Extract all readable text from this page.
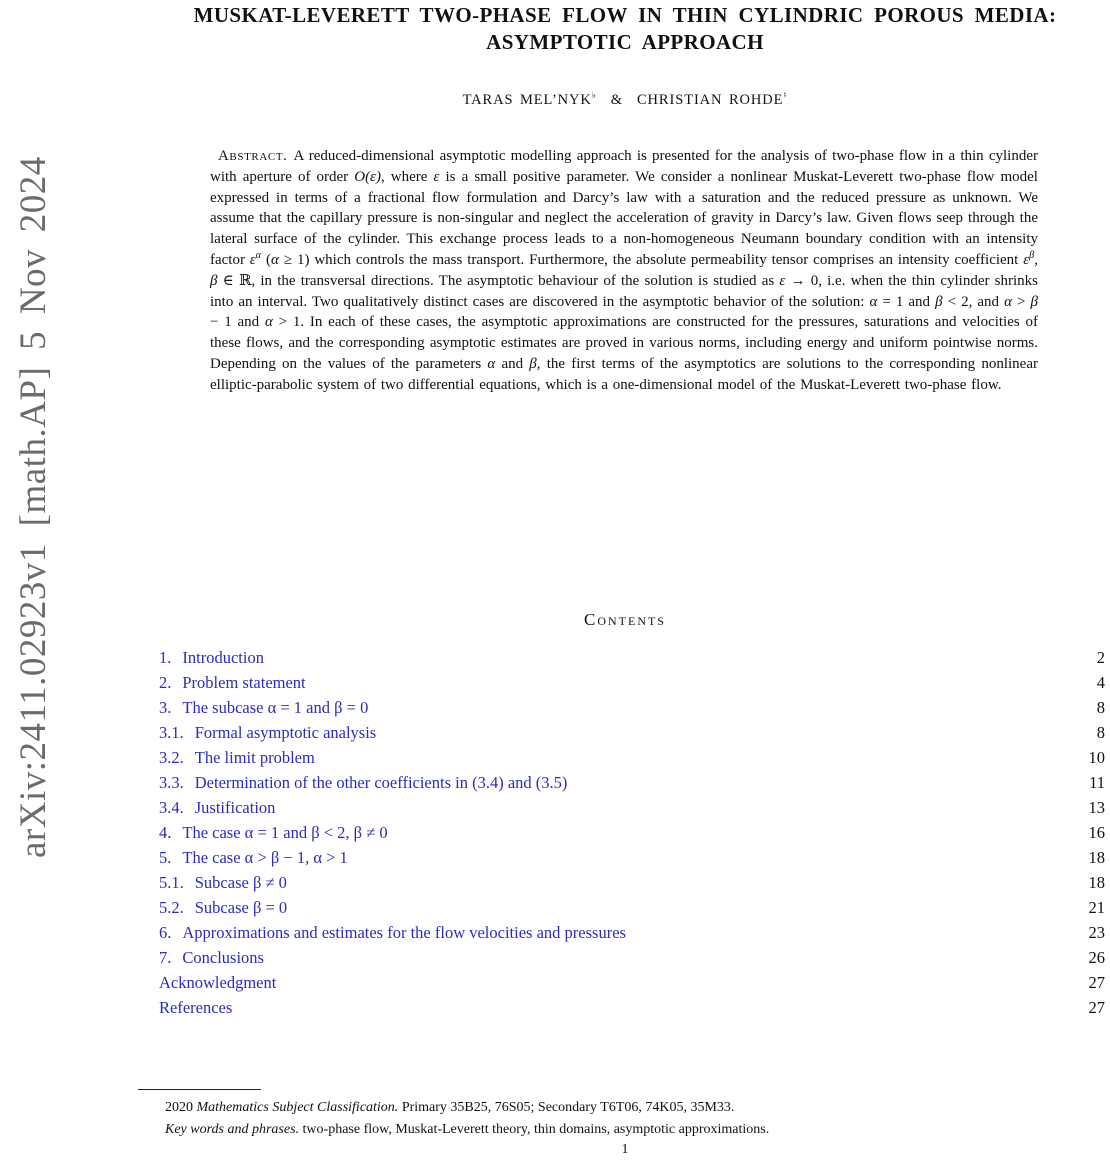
arXiv:2411.02923v1 [math.AP] 5 Nov 2024
MUSKAT-LEVERETT TWO-PHASE FLOW IN THIN CYLINDRIC POROUS MEDIA:
ASYMPTOTIC APPROACH
TARAS MEL’NYK♭ & CHRISTIAN ROHDE♮
Abstract. A reduced-dimensional asymptotic modelling approach is presented for the analysis of two-phase flow in a thin cylinder with aperture of order O(ε), where ε is a small positive parameter. We consider a nonlinear Muskat-Leverett two-phase flow model expressed in terms of a fractional flow formulation and Darcy’s law with a saturation and the reduced pressure as unknown. We assume that the capillary pressure is non-singular and neglect the acceleration of gravity in Darcy’s law. Given flows seep through the lateral surface of the cylinder. This exchange process leads to a non-homogeneous Neumann boundary condition with an intensity factor $\varepsilon^\alpha$ (α ≥ 1) which controls the mass transport. Furthermore, the absolute permeability tensor comprises an intensity coefficient $\varepsilon^\beta$, β ∈ ℝ, in the transversal directions. The asymptotic behaviour of the solution is studied as ε → 0, i.e. when the thin cylinder shrinks into an interval. Two qualitatively distinct cases are discovered in the asymptotic behavior of the solution: α = 1 and β < 2, and α > β − 1 and α > 1. In each of these cases, the asymptotic approximations are constructed for the pressures, saturations and velocities of these flows, and the corresponding asymptotic estimates are proved in various norms, including energy and uniform pointwise norms. Depending on the values of the parameters α and β, the first terms of the asymptotics are solutions to the corresponding nonlinear elliptic-parabolic system of two differential equations, which is a one-dimensional model of the Muskat-Leverett two-phase flow.
Contents
1. Introduction	2
2. Problem statement	4
3. The subcase α = 1 and β = 0	8
3.1. Formal asymptotic analysis	8
3.2. The limit problem	10
3.3. Determination of the other coefficients in (3.4) and (3.5)	11
3.4. Justification	13
4. The case α = 1 and β < 2, β ≠ 0	16
5. The case α > β − 1, α > 1	18
5.1. Subcase β ≠ 0	18
5.2. Subcase β = 0	21
6. Approximations and estimates for the flow velocities and pressures	23
7. Conclusions	26
Acknowledgment	27
References	27

2020 Mathematics Subject Classification. Primary 35B25, 76S05; Secondary T6T06, 74K05, 35M33.

Key words and phrases. two-phase flow, Muskat-Leverett theory, thin domains, asymptotic approximations.

1
